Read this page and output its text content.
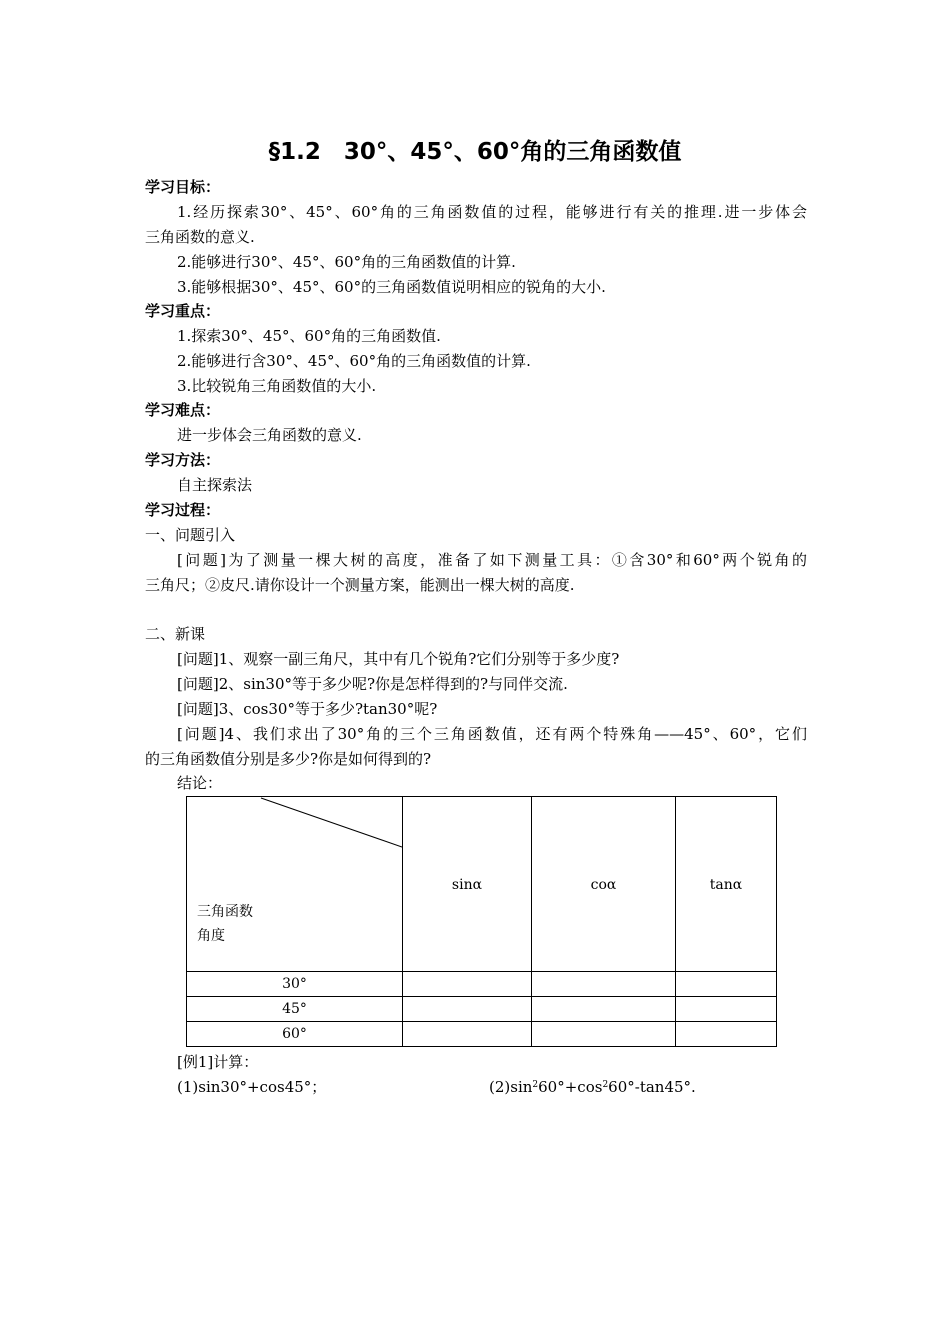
§1.2　30°、45°、60°角的三角函数值
学习目标：
1.经历探索30°、45°、60°角的三角函数值的过程，能够进行有关的推理.进一步体会
三角函数的意义.
2.能够进行30°、45°、60°角的三角函数值的计算.
3.能够根据30°、45°、60°的三角函数值说明相应的锐角的大小.
学习重点：
1.探索30°、45°、60°角的三角函数值.
2.能够进行含30°、45°、60°角的三角函数值的计算.
3.比较锐角三角函数值的大小.
学习难点：
进一步体会三角函数的意义.
学习方法：
自主探索法
学习过程：
一、问题引入
[问题]为了测量一棵大树的高度，准备了如下测量工具：①含30°和60°两个锐角的
三角尺；②皮尺.请你设计一个测量方案，能测出一棵大树的高度.
二、新课
[问题]1、观察一副三角尺，其中有几个锐角?它们分别等于多少度?
[问题]2、sin30°等于多少呢?你是怎样得到的?与同伴交流.
[问题]3、cos30°等于多少?tan30°呢?
[问题]4、我们求出了30°角的三个三角函数值，还有两个特殊角——45°、60°，它们
的三角函数值分别是多少?你是如何得到的?
结论：
三角函数
角度	sinα	coα	tanα

30°			
45°			
60°			
[例1]计算：
(1)sin30°+cos45°；	$(2)\sin^260^\circ+\cos^260^\circ-\tan 45^\circ$.
